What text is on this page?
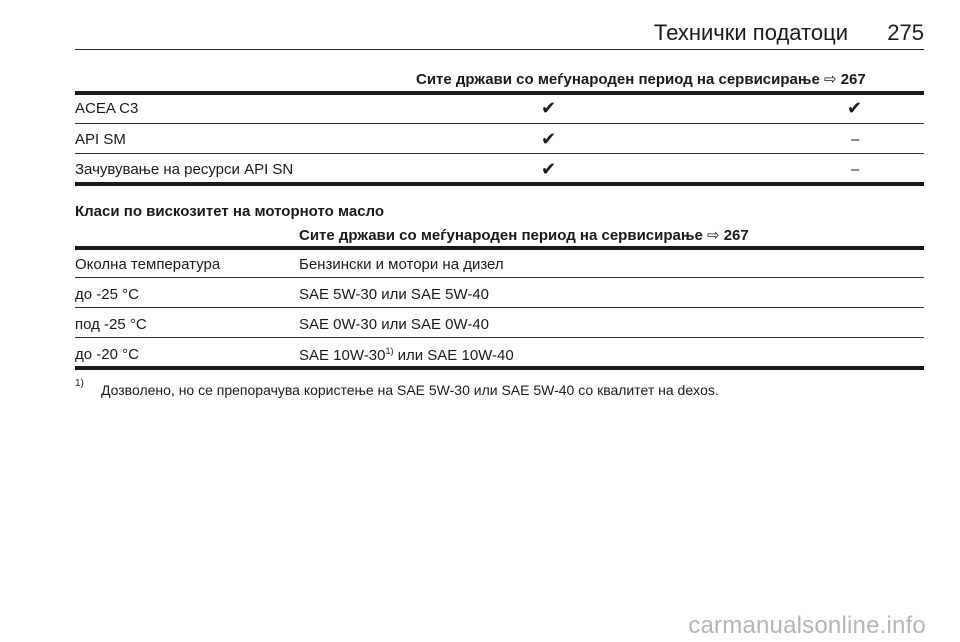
Технички податоци 275
Сите држави со меѓународен период на сервисирање ⇨ 267
ACEA C3	✔	✔
API SM	✔	–
Зачувување на ресурси API SN	✔	–
Класи по вискозитет на моторното масло
Сите држави со меѓународен период на сервисирање ⇨ 267
Околна температура	Бензински и мотори на дизел
до -25 °C	SAE 5W-30 или SAE 5W-40
под -25 °C	SAE 0W-30 или SAE 0W-40
до -20 °C	SAE 10W-30$^{1)}$ или SAE 10W-40
1) Дозволено, но се препорачува користење на SAE 5W-30 или SAE 5W-40 со квалитет на dexos.
carmanualsonline.info
